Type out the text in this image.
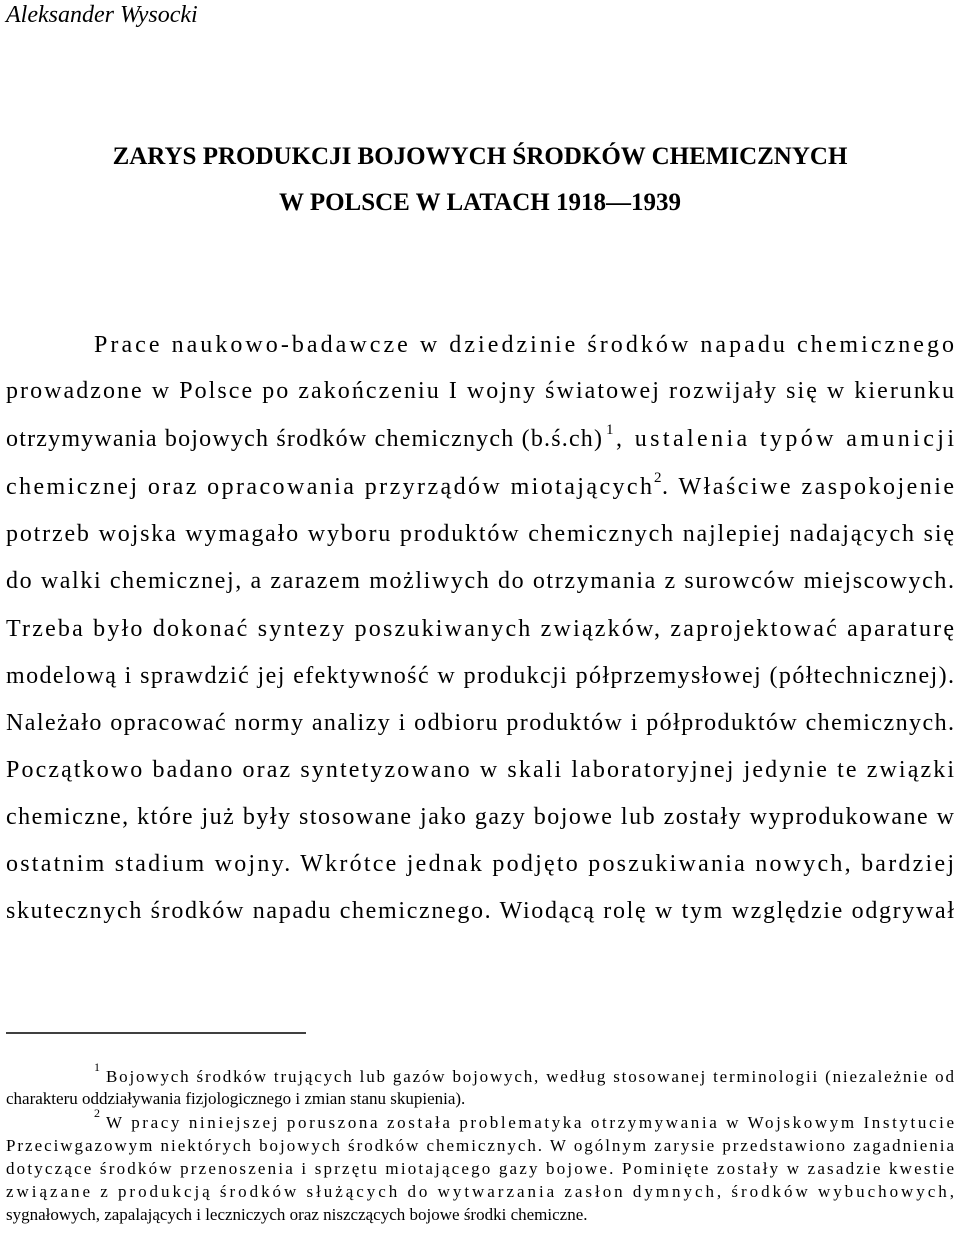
Aleksander Wysocki
ZARYS PRODUKCJI BOJOWYCH ŚRODKÓW CHEMICZNYCH
W POLSCE W LATACH 1918—1939
Prace naukowo-badawcze w dziedzinie środków napadu chemicznego
prowadzone w Polsce po zakończeniu I wojny światowej rozwijały się w kierunku
otrzymywania bojowych środków chemicznych (b.ś.ch) 1 , ustalenia typów amunicji
chemicznej oraz opracowania przyrządów miotających 2 . Właściwe zaspokojenie
potrzeb wojska wymagało wyboru produktów chemicznych najlepiej nadających się
do walki chemicznej, a zarazem możliwych do otrzymania z surowców miejscowych.
Trzeba było dokonać syntezy poszukiwanych związków, zaprojektować aparaturę
modelową i sprawdzić jej efektywność w produkcji półprzemysłowej (półtechnicznej).
Należało opracować normy analizy i odbioru produktów i półproduktów chemicznych.
Początkowo badano oraz syntetyzowano w skali laboratoryjnej jedynie te związki
chemiczne, które już były stosowane jako gazy bojowe lub zostały wyprodukowane w
ostatnim stadium wojny. Wkrótce jednak podjęto poszukiwania nowych, bardziej
skutecznych środków napadu chemicznego. Wiodącą rolę w tym względzie odgrywał
1 Bojowych środków trujących lub gazów bojowych, według stosowanej terminologii (niezależnie od
charakteru oddziaływania fizjologicznego i zmian stanu skupienia).
2 W pracy niniejszej poruszona została problematyka otrzymywania w Wojskowym Instytucie
Przeciwgazowym niektórych bojowych środków chemicznych. W ogólnym zarysie przedstawiono zagadnienia
dotyczące środków przenoszenia i sprzętu miotającego gazy bojowe. Pominięte zostały w zasadzie kwestie
związane z produkcją środków służących do wytwarzania zasłon dymnych, środków wybuchowych,
sygnałowych, zapalających i leczniczych oraz niszczących bojowe środki chemiczne.
